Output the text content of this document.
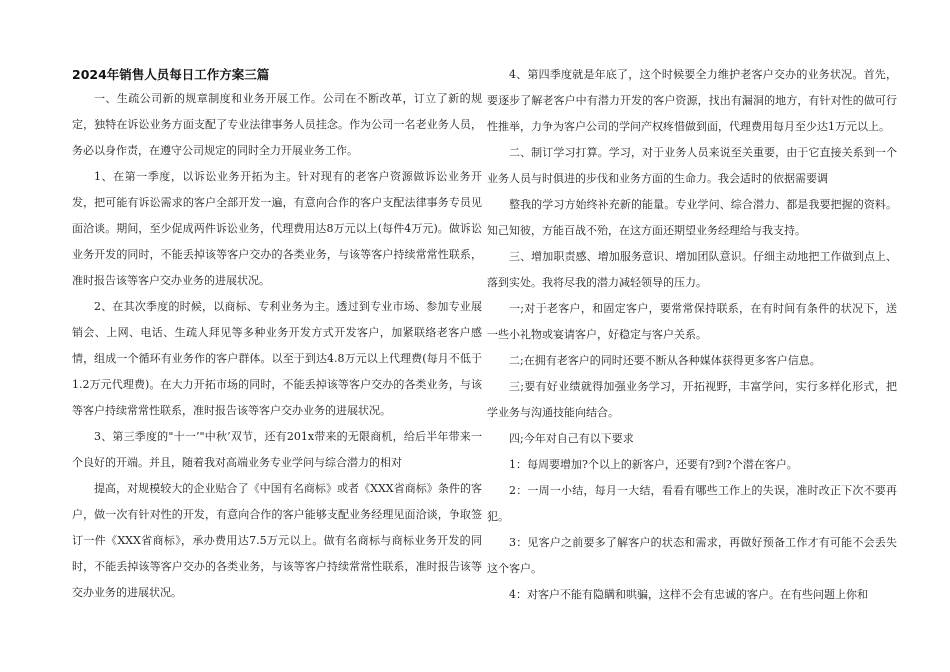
2024年销售人员每日工作方案三篇

一、生疏公司新的规章制度和业务开展工作。公司在不断改革，订立了新的规定，独特在诉讼业务方面支配了专业法律事务人员挂念。作为公司一名老业务人员，务必以身作责，在遵守公司规定的同时全力开展业务工作。

1、在第一季度，以诉讼业务开拓为主。针对现有的老客户资源做诉讼业务开发，把可能有诉讼需求的客户全部开发一遍，有意向合作的客户支配法律事务专员见面洽谈。期间，至少促成两件诉讼业务，代理费用达8万元以上(每件4万元)。做诉讼业务开发的同时，不能丢掉该等客户交办的各类业务，与该等客户持续常常性联系，准时报告该等客户交办业务的进展状况。

2、在其次季度的时候，以商标、专利业务为主。透过到专业市场、参加专业展销会、上网、电话、生疏人拜见等多种业务开发方式开发客户，加紧联络老客户感情，组成一个循环有业务作的客户群体。以至于到达4.8万元以上代理费(每月不低于1.2万元代理费)。在大力开拓市场的同时，不能丢掉该等客户交办的各类业务，与该等客户持续常常性联系，准时报告该等客户交办业务的进展状况。

3、第三季度的"十一’"中秋’双节，还有201x带来的无限商机，给后半年带来一个良好的开端。并且，随着我对高端业务专业学问与综合潜力的相对

提高，对规模较大的企业贴合了《中国有名商标》或者《XXX省商标》条件的客户，做一次有针对性的开发，有意向合作的客户能够支配业务经理见面洽谈，争取签订一件《XXX省商标》，承办费用达7.5万元以上。做有名商标与商标业务开发的同时，不能丢掉该等客户交办的各类业务，与该等客户持续常常性联系，准时报告该等交办业务的进展状况。

4、第四季度就是年底了，这个时候要全力维护老客户交办的业务状况。首先，要逐步了解老客户中有潜力开发的客户资源，找出有漏洞的地方，有针对性的做可行性推举，力争为客户公司的学问产权疼惜做到面，代理费用每月至少达1万元以上。

二、制订学习打算。学习，对于业务人员来说至关重要，由于它直接关系到一个业务人员与时俱进的步伐和业务方面的生命力。我会适时的依据需要调

整我的学习方始终补充新的能量。专业学问、综合潜力、都是我要把握的资料。知己知彼，方能百战不殆，在这方面还期望业务经理给与我支持。

三、增加职责感、增加服务意识、增加团队意识。仔细主动地把工作做到点上、落到实处。我将尽我的潜力减轻领导的压力。

一;对于老客户，和固定客户，要常常保持联系，在有时间有条件的状况下，送一些小礼物或宴请客户，好稳定与客户关系。

二;在拥有老客户的同时还要不断从各种媒体获得更多客户信息。

三;要有好业绩就得加强业务学习，开拓视野，丰富学问，实行多样化形式，把学业务与沟通技能向结合。

四;今年对自己有以下要求

1：每周要增加?个以上的新客户，还要有?到?个潜在客户。

2：一周一小结，每月一大结，看看有哪些工作上的失误，准时改正下次不要再犯。

3：见客户之前要多了解客户的状态和需求，再做好预备工作才有可能不会丢失这个客户。

4：对客户不能有隐瞒和哄骗，这样不会有忠诚的客户。在有些问题上你和
